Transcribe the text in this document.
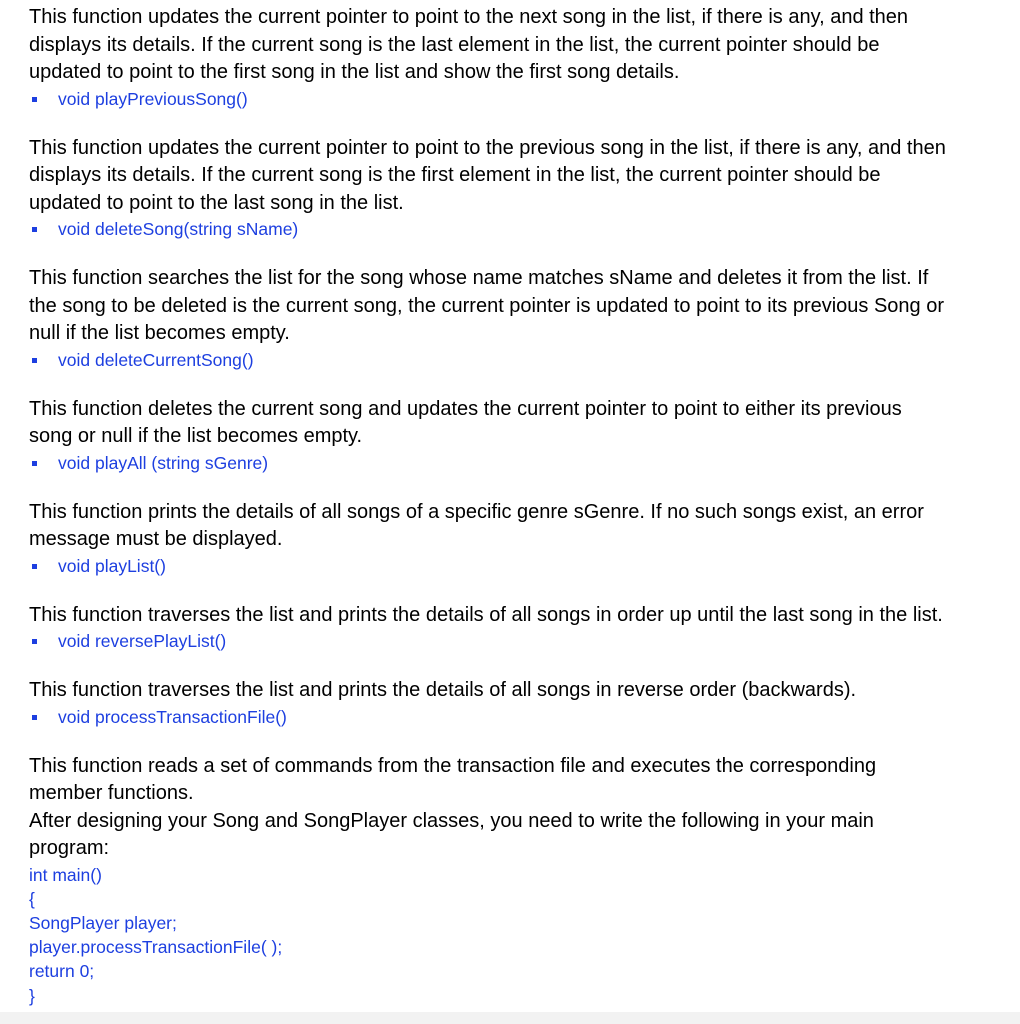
This function updates the current pointer to point to the next song in the list, if there is any, and then
displays its details. If the current song is the last element in the list, the current pointer should be
updated to point to the first song in the list and show the first song details.

void playPreviousSong()

This function updates the current pointer to point to the previous song in the list, if there is any, and then
displays its details. If the current song is the first element in the list, the current pointer should be
updated to point to the last song in the list.

void deleteSong(string sName)

This function searches the list for the song whose name matches sName and deletes it from the list. If
the song to be deleted is the current song, the current pointer is updated to point to its previous Song or
null if the list becomes empty.

void deleteCurrentSong()

This function deletes the current song and updates the current pointer to point to either its previous
song or null if the list becomes empty.

void playAll (string sGenre)

This function prints the details of all songs of a specific genre sGenre. If no such songs exist, an error
message must be displayed.

void playList()

This function traverses the list and prints the details of all songs in order up until the last song in the list.

void reversePlayList()

This function traverses the list and prints the details of all songs in reverse order (backwards).

void processTransactionFile()

This function reads a set of commands from the transaction file and executes the corresponding
member functions.

After designing your Song and SongPlayer classes, you need to write the following in your main
program:

int main()

{

SongPlayer player;

player.processTransactionFile( );

return 0;

}
